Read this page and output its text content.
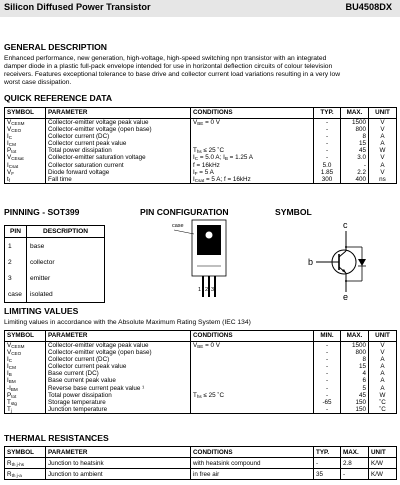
Silicon Diffused Power Transistor	BU4508DX
GENERAL DESCRIPTION

Enhanced performance, new generation, high-voltage, high-speed switching npn transistor with an integrated
damper diode in a plastic full-pack envelope intended for use in horizontal deflection circuits of colour television
receivers. Features exceptional tolerance to base drive and collector current load variations resulting in a very low
worst case dissipation.

QUICK REFERENCE DATA
SYMBOL	PARAMETER	CONDITIONS	TYP.	MAX.	UNIT
$V_{CESM}$	Collector-emitter voltage peak value	$V_{BE} = 0$ V	-	1500	V
$V_{CEO}$	Collector-emitter voltage (open base)		-	800	V
$I_C$	Collector current (DC)		-	8	A
$I_{CM}$	Collector current peak value		-	15	A
$P_{tot}$	Total power dissipation	$T_{hs} \le 25$ ˚C	-	45	W
$V_{CEsat}$	Collector-emitter saturation voltage	$I_C = 5.0$ A; $I_B = 1.25$ A	-	3.0	V
$I_{Csat}$	Collector saturation current	f = 16kHz	5.0	-	A
$V_F$	Diode forward voltage	$I_F = 5$ A	1.85	2.2	V
$t_f$	Fall time	$I_{Csat} = 5$ A; f = 16kHz	300	400	ns
PINNING - SOT399
PIN	DESCRIPTION
1	base
2	collector
3	emitter
case	isolated
PIN CONFIGURATION
case
1 2 3
SYMBOL
c
b
e
LIMITING VALUES
Limiting values in accordance with the Absolute Maximum Rating System (IEC 134)
SYMBOL	PARAMETER	CONDITIONS	MIN.	MAX.	UNIT
$V_{CESM}$	Collector-emitter voltage peak value	$V_{BE} = 0$ V	-	1500	V
$V_{CEO}$	Collector-emitter voltage (open base)		-	800	V
$I_C$	Collector current (DC)		-	8	A
$I_{CM}$	Collector current peak value		-	15	A
$I_B$	Base current (DC)		-	4	A
$I_{BM}$	Base current peak value		-	6	A
$-I_{BM}$	Reverse base current peak value ¹		-	5	A
$P_{tot}$	Total power dissipation	$T_{hs} \le 25$ ˚C	-	45	W
$T_{stg}$	Storage temperature		-65	150	˚C
$T_j$	Junction temperature		-	150	˚C
THERMAL RESISTANCES
SYMBOL	PARAMETER	CONDITIONS	TYP.	MAX.	UNIT
$R_{th j-hs}$	Junction to heatsink	with heatsink compound	-	2.8	K/W
$R_{th j-a}$	Junction to ambient	in free air	35	-	K/W
